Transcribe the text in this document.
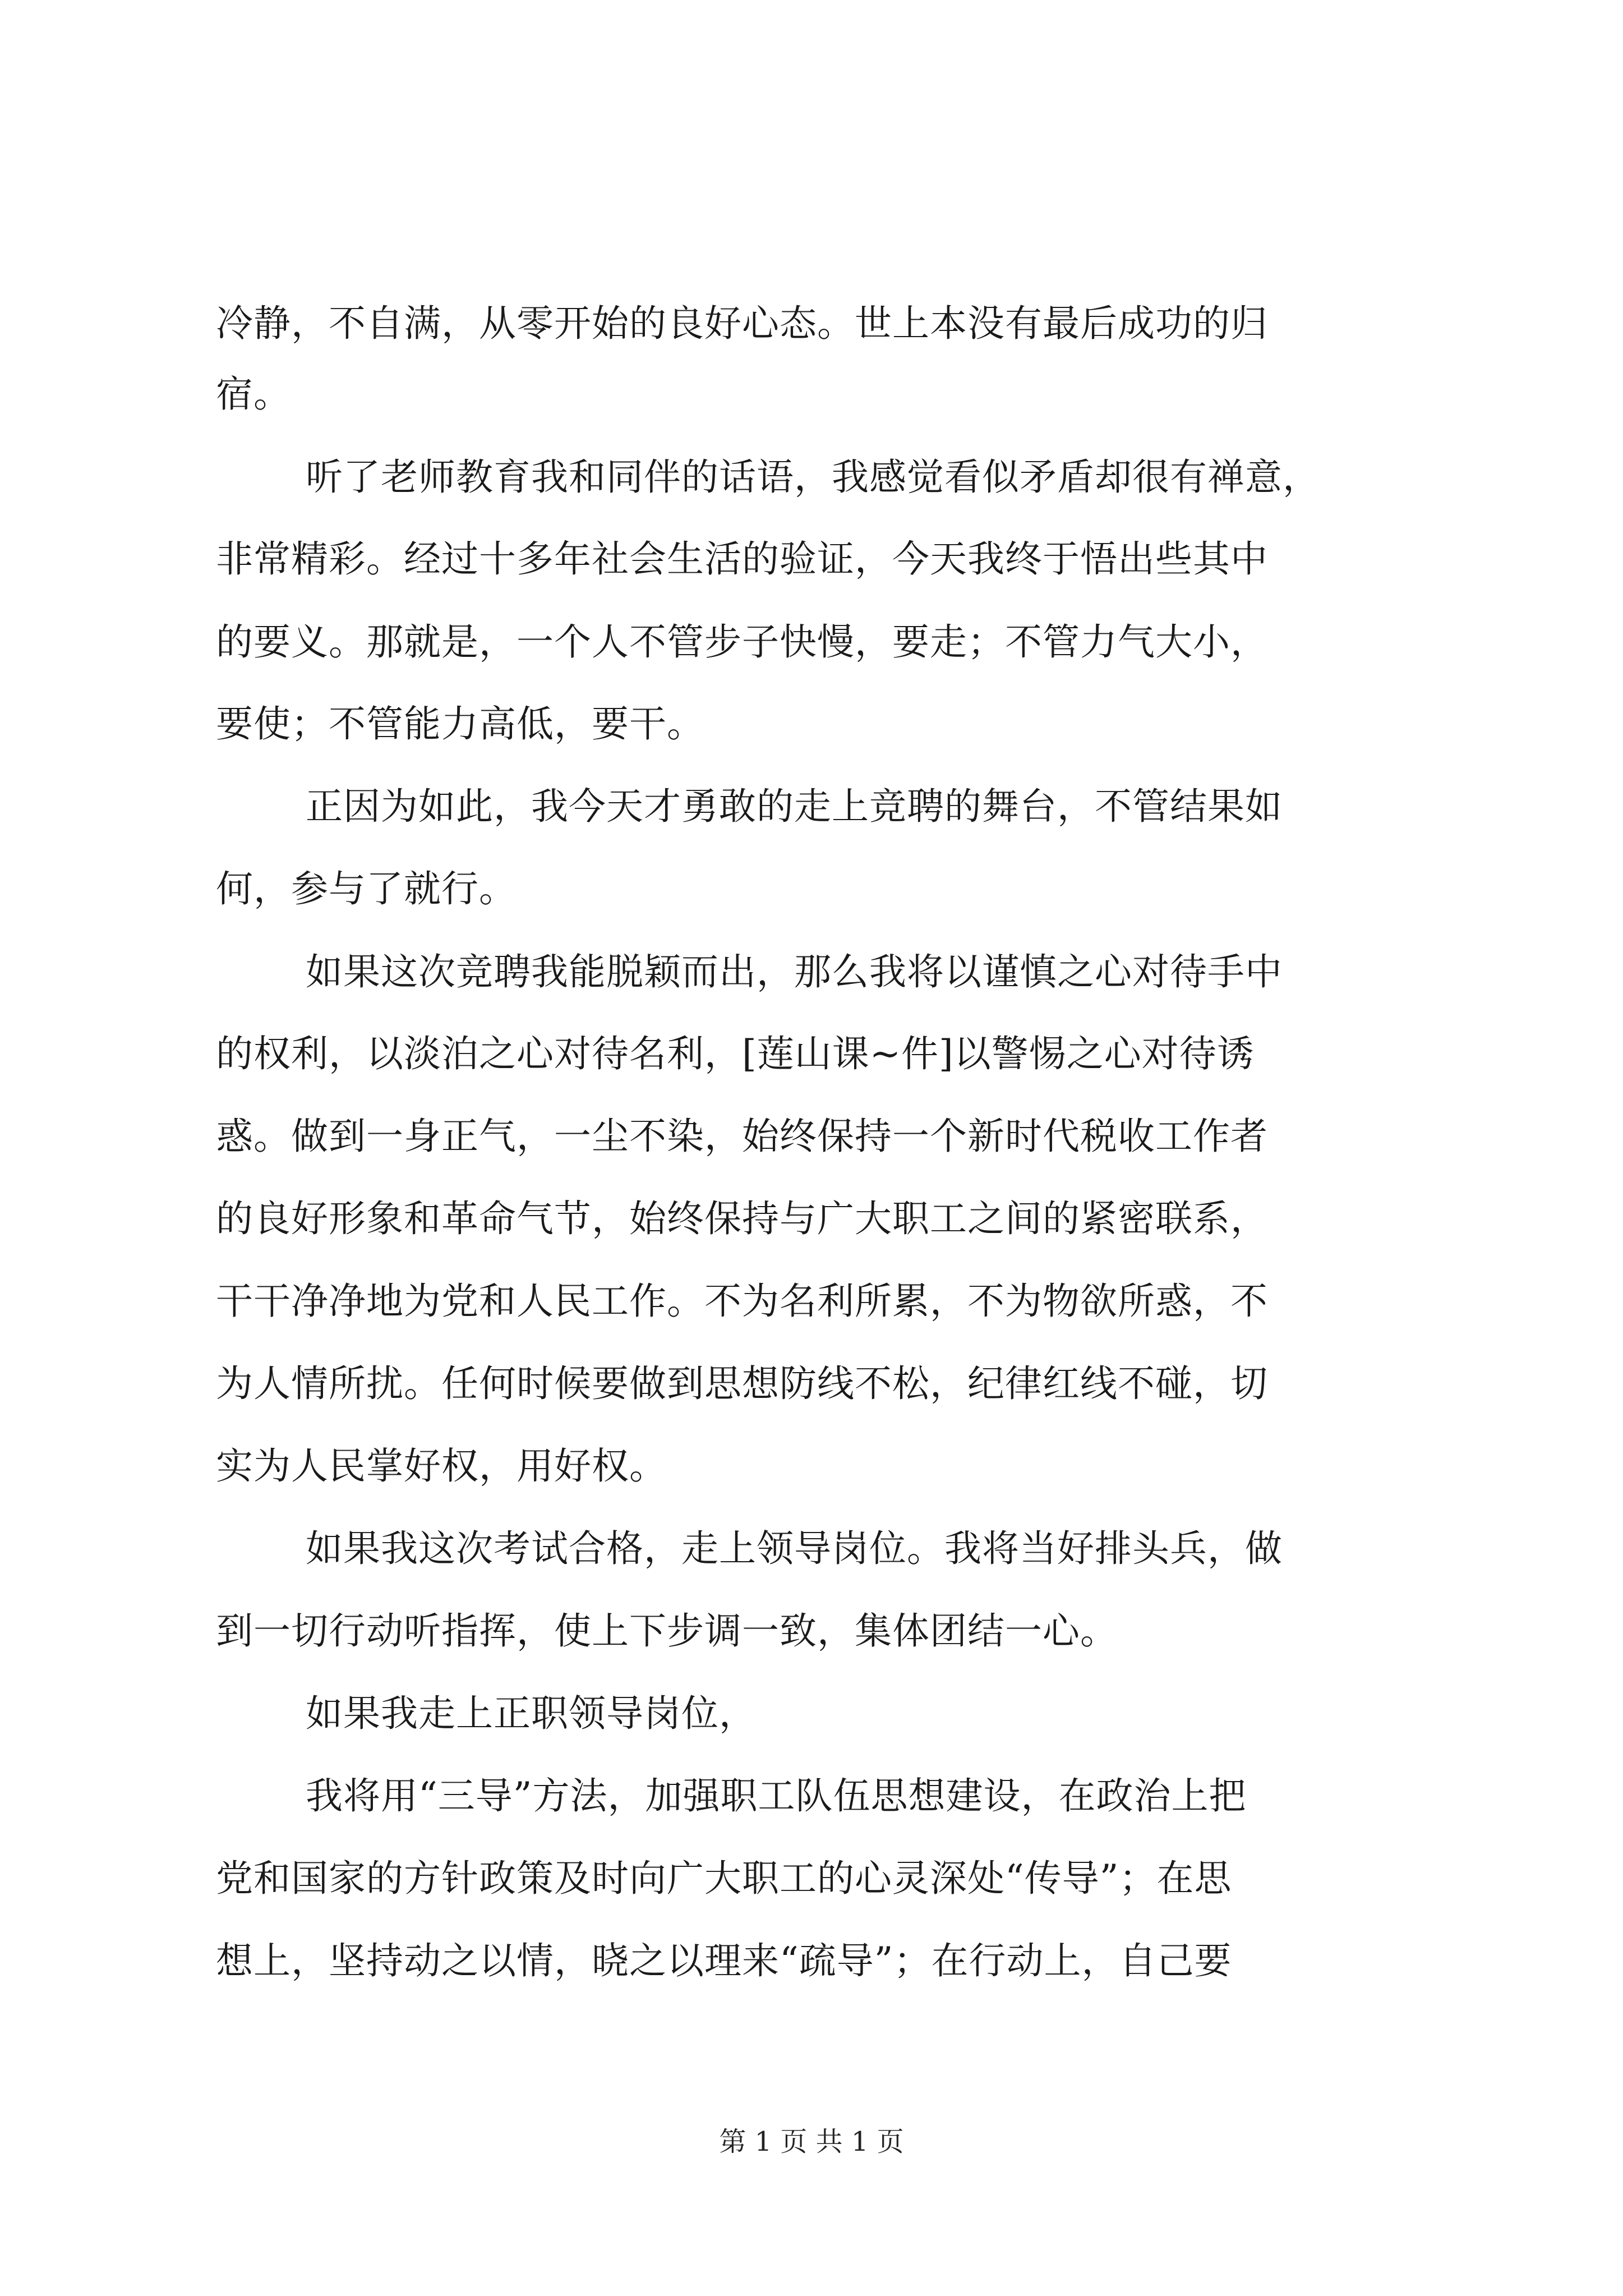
冷静，不自满，从零开始的良好心态。世上本没有最后成功的归
宿。
听了老师教育我和同伴的话语，我感觉看似矛盾却很有禅意，
非常精彩。经过十多年社会生活的验证，今天我终于悟出些其中
的要义。那就是，一个人不管步子快慢，要走；不管力气大小，
要使；不管能力高低，要干。
正因为如此，我今天才勇敢的走上竞聘的舞台，不管结果如
何，参与了就行。
如果这次竞聘我能脱颖而出，那么我将以谨慎之心对待手中
的权利，以淡泊之心对待名利，[莲山课~件]以警惕之心对待诱
惑。做到一身正气，一尘不染，始终保持一个新时代税收工作者
的良好形象和革命气节，始终保持与广大职工之间的紧密联系，
干干净净地为党和人民工作。不为名利所累，不为物欲所惑，不
为人情所扰。任何时候要做到思想防线不松，纪律红线不碰，切
实为人民掌好权，用好权。
如果我这次考试合格，走上领导岗位。我将当好排头兵，做
到一切行动听指挥，使上下步调一致，集体团结一心。
如果我走上正职领导岗位，
我将用“三导”方法，加强职工队伍思想建设，在政治上把
党和国家的方针政策及时向广大职工的心灵深处“传导”；在思
想上，坚持动之以情，晓之以理来“疏导”；在行动上，自己要
第 1 页 共 1 页
